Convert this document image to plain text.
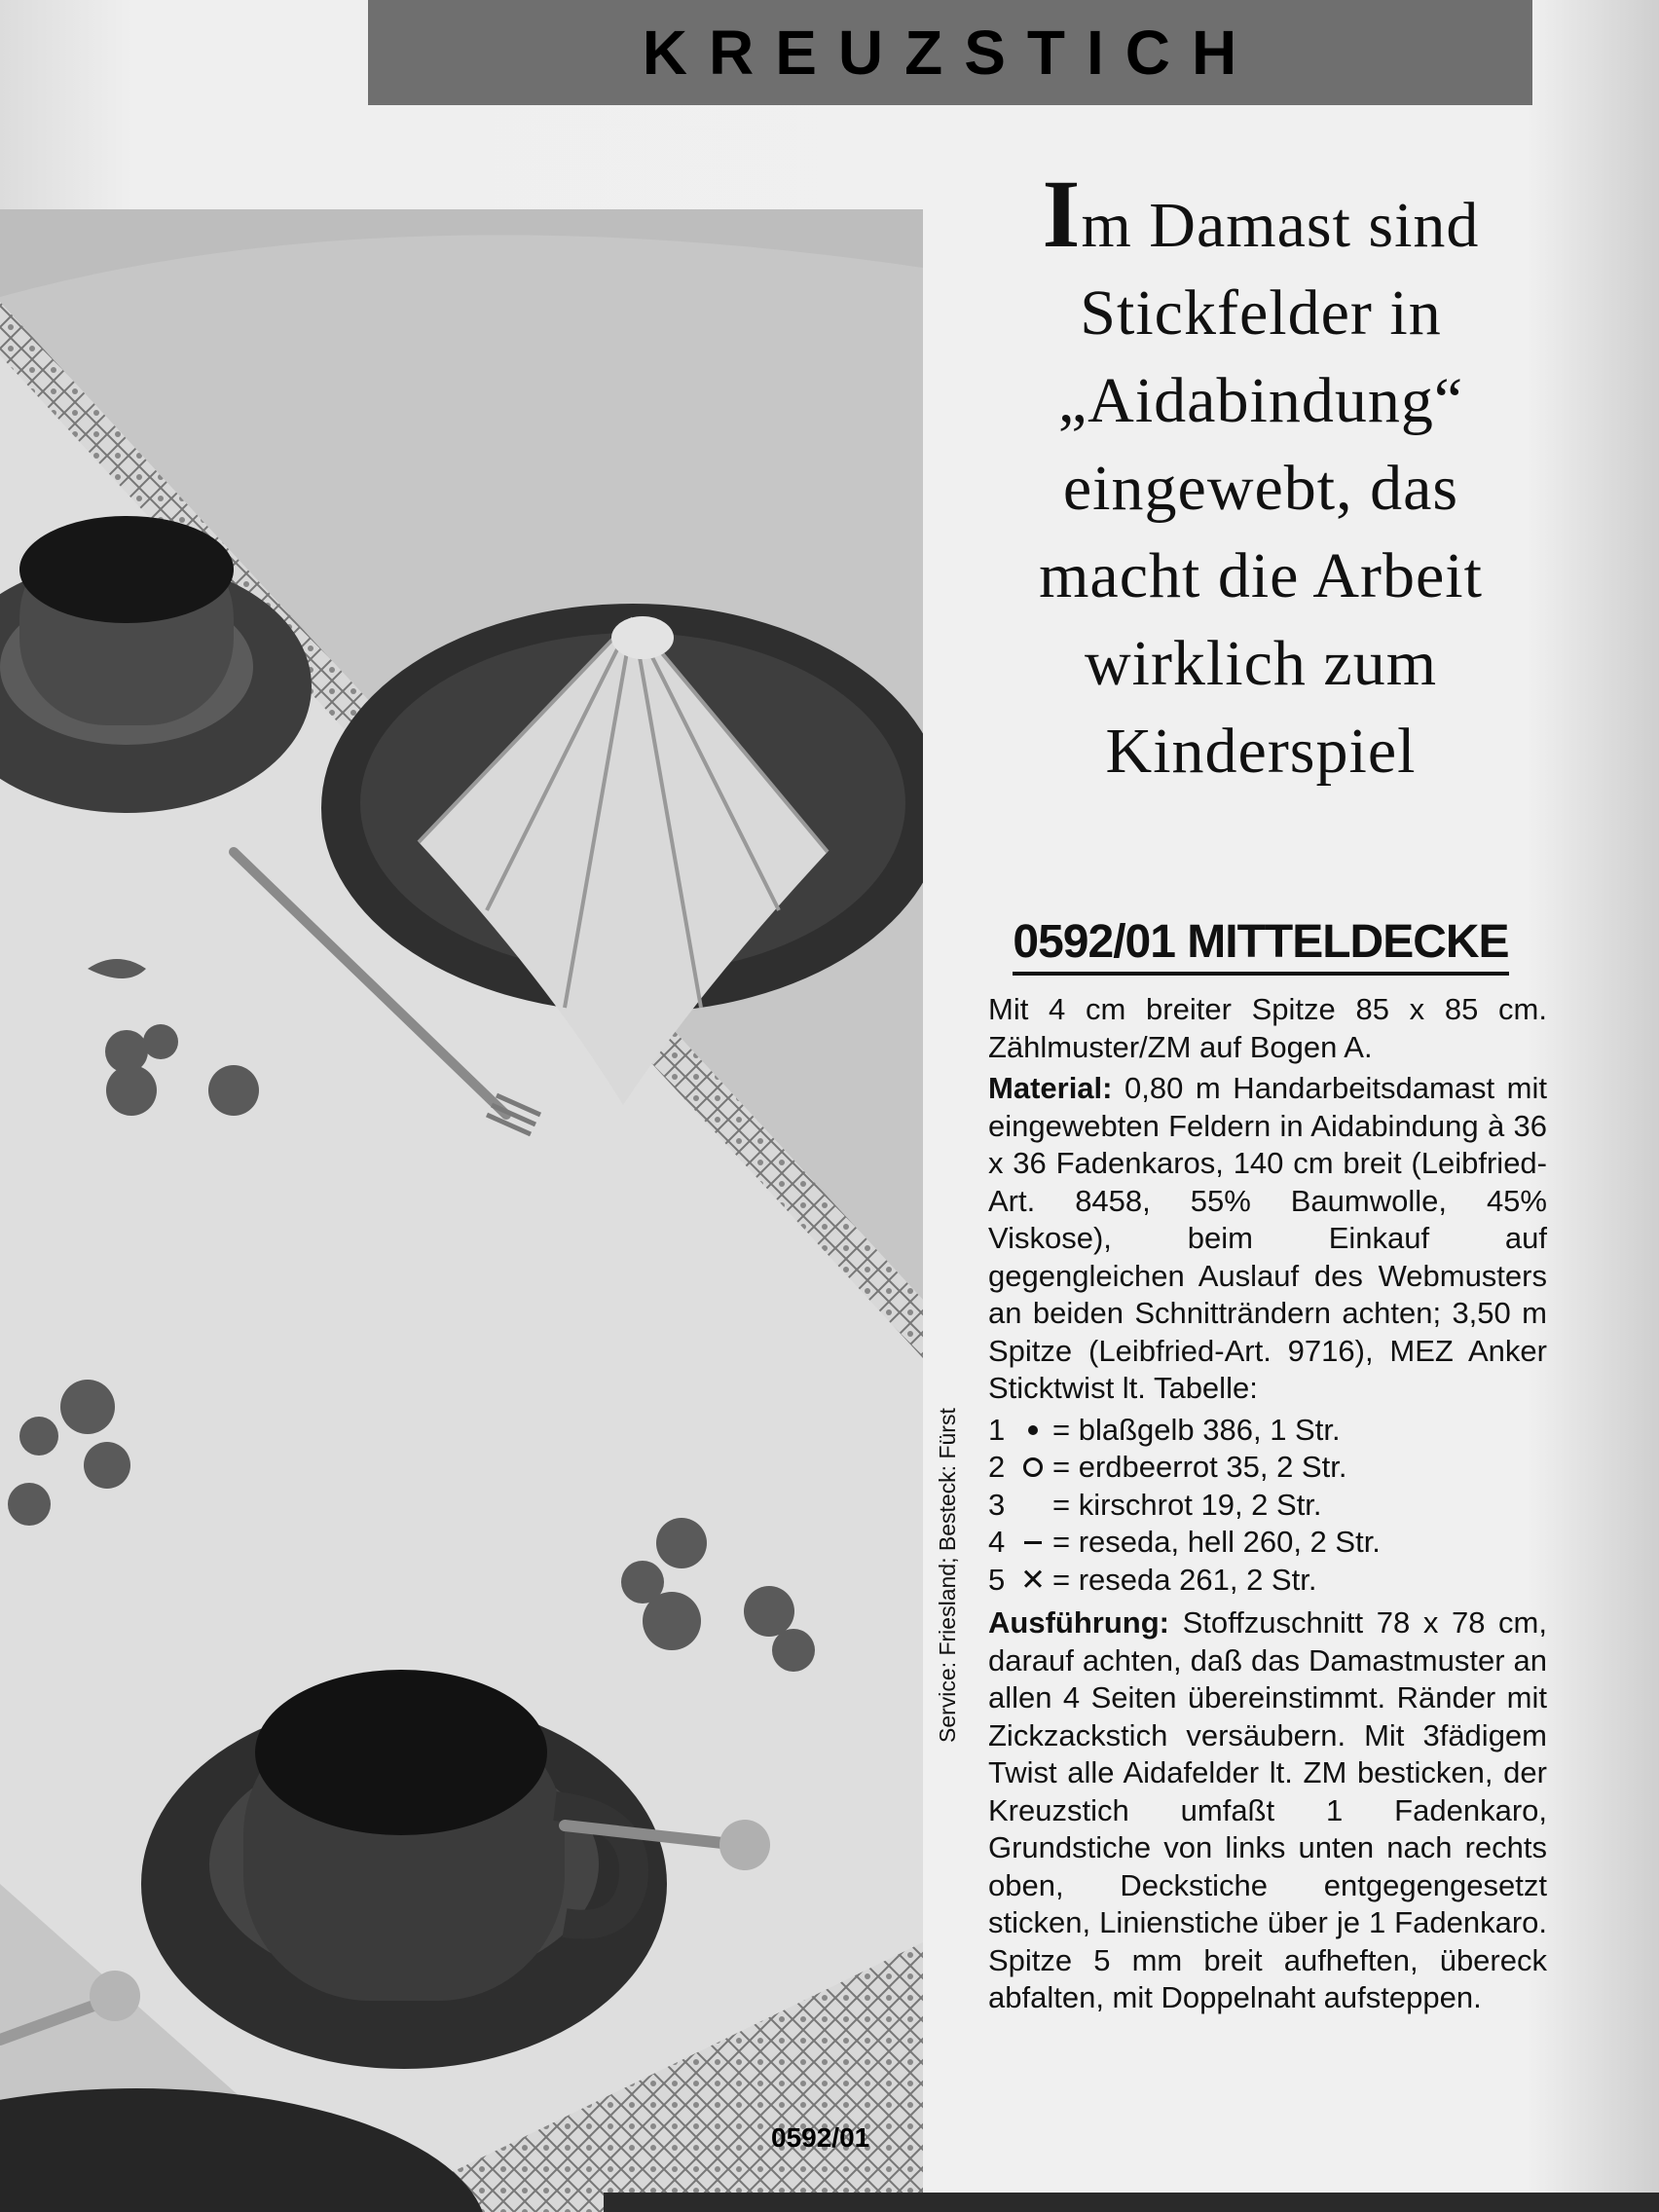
KREUZSTICH
0592/01
Service: Friesland; Besteck: Fürst
Im Damast sind
Stickfelder in
„Aidabindung“
eingewebt, das
macht die Arbeit
wirklich zum
Kinderspiel
0592/01 MITTELDECKE

Mit 4 cm breiter Spitze 85 x 85 cm. Zählmuster/ZM auf Bogen A.

Material: 0,80 m Handarbeitsdamast mit eingewebten Feldern in Aidabindung à 36 x 36 Fadenkaros, 140 cm breit (Leibfried-Art. 8458, 55% Baumwolle, 45% Viskose), beim Einkauf auf gegengleichen Auslauf des Webmusters an beiden Schnitträndern achten; 3,50 m Spitze (Leibfried-Art. 9716), MEZ Anker Sticktwist lt. Tabelle:

1 = blaßgelb 386, 1 Str.
2 = erdbeerrot 35, 2 Str.
3 = kirschrot 19, 2 Str.
4 = reseda, hell 260, 2 Str.
5 ✕ = reseda 261, 2 Str.

Ausführung: Stoffzuschnitt 78 x 78 cm, darauf achten, daß das Damastmuster an allen 4 Seiten übereinstimmt. Ränder mit Zickzackstich versäubern. Mit 3fädigem Twist alle Aidafelder lt. ZM besticken, der Kreuzstich umfaßt 1 Fadenkaro, Grundstiche von links unten nach rechts oben, Deckstiche entgegengesetzt sticken, Linienstiche über je 1 Fadenkaro. Spitze 5 mm breit aufheften, übereck abfalten, mit Doppelnaht aufsteppen.
